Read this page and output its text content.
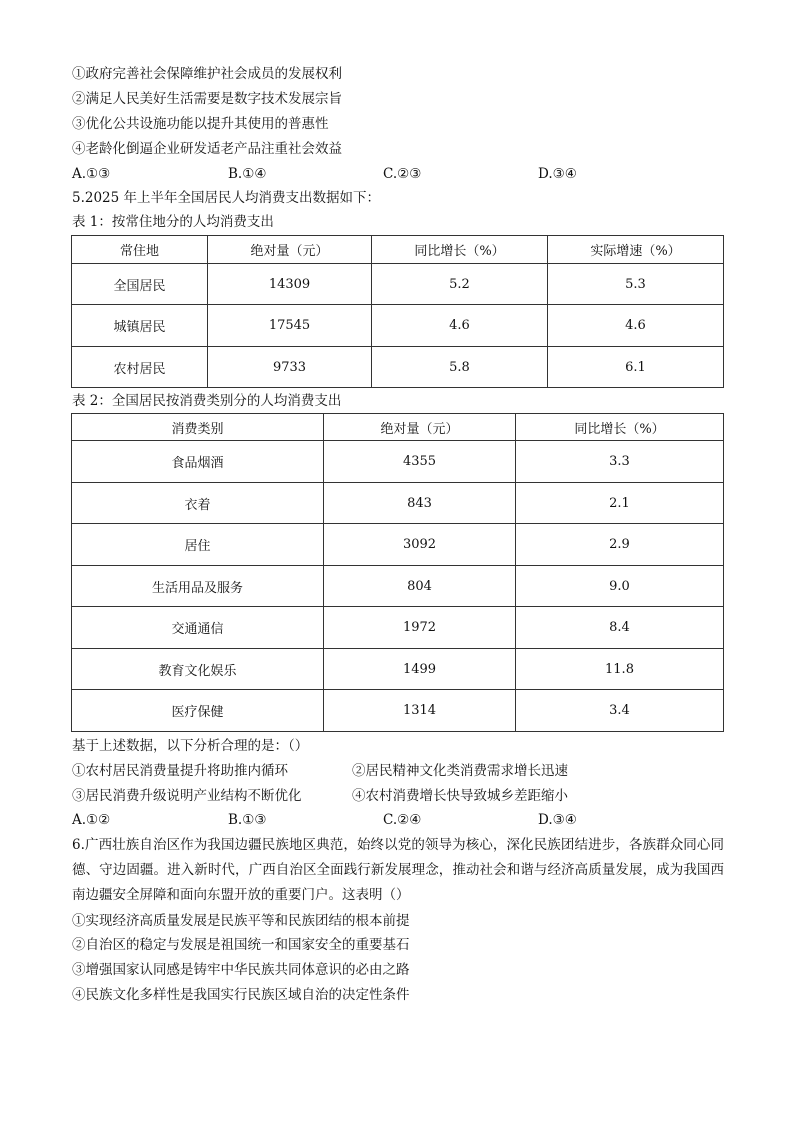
①政府完善社会保障维护社会成员的发展权利
②满足人民美好生活需要是数字技术发展宗旨
③优化公共设施功能以提升其使用的普惠性
④老龄化倒逼企业研发适老产品注重社会效益
A.①③	B.①④	C.②③	D.③④
5.2025 年上半年全国居民人均消费支出数据如下：
表 1：按常住地分的人均消费支出
常住地	绝对量（元）	同比增长（%）	实际增速（%）
全国居民	14309	5.2	5.3
城镇居民	17545	4.6	4.6
农村居民	9733	5.8	6.1
表 2：全国居民按消费类别分的人均消费支出
消费类别	绝对量（元）	同比增长（%）
食品烟酒	4355	3.3
衣着	843	2.1
居住	3092	2.9
生活用品及服务	804	9.0
交通通信	1972	8.4
教育文化娱乐	1499	11.8
医疗保健	1314	3.4
基于上述数据，以下分析合理的是：（）
①农村居民消费量提升将助推内循环	②居民精神文化类消费需求增长迅速
③居民消费升级说明产业结构不断优化	④农村消费增长快导致城乡差距缩小
A.①②	B.①③	C.②④	D.③④
6.广西壮族自治区作为我国边疆民族地区典范，始终以党的领导为核心，深化民族团结进步，各族群众同心同德、守边固疆。进入新时代，广西自治区全面践行新发展理念，推动社会和谐与经济高质量发展，成为我国西南边疆安全屏障和面向东盟开放的重要门户。这表明（）
①实现经济高质量发展是民族平等和民族团结的根本前提
②自治区的稳定与发展是祖国统一和国家安全的重要基石
③增强国家认同感是铸牢中华民族共同体意识的必由之路
④民族文化多样性是我国实行民族区域自治的决定性条件
